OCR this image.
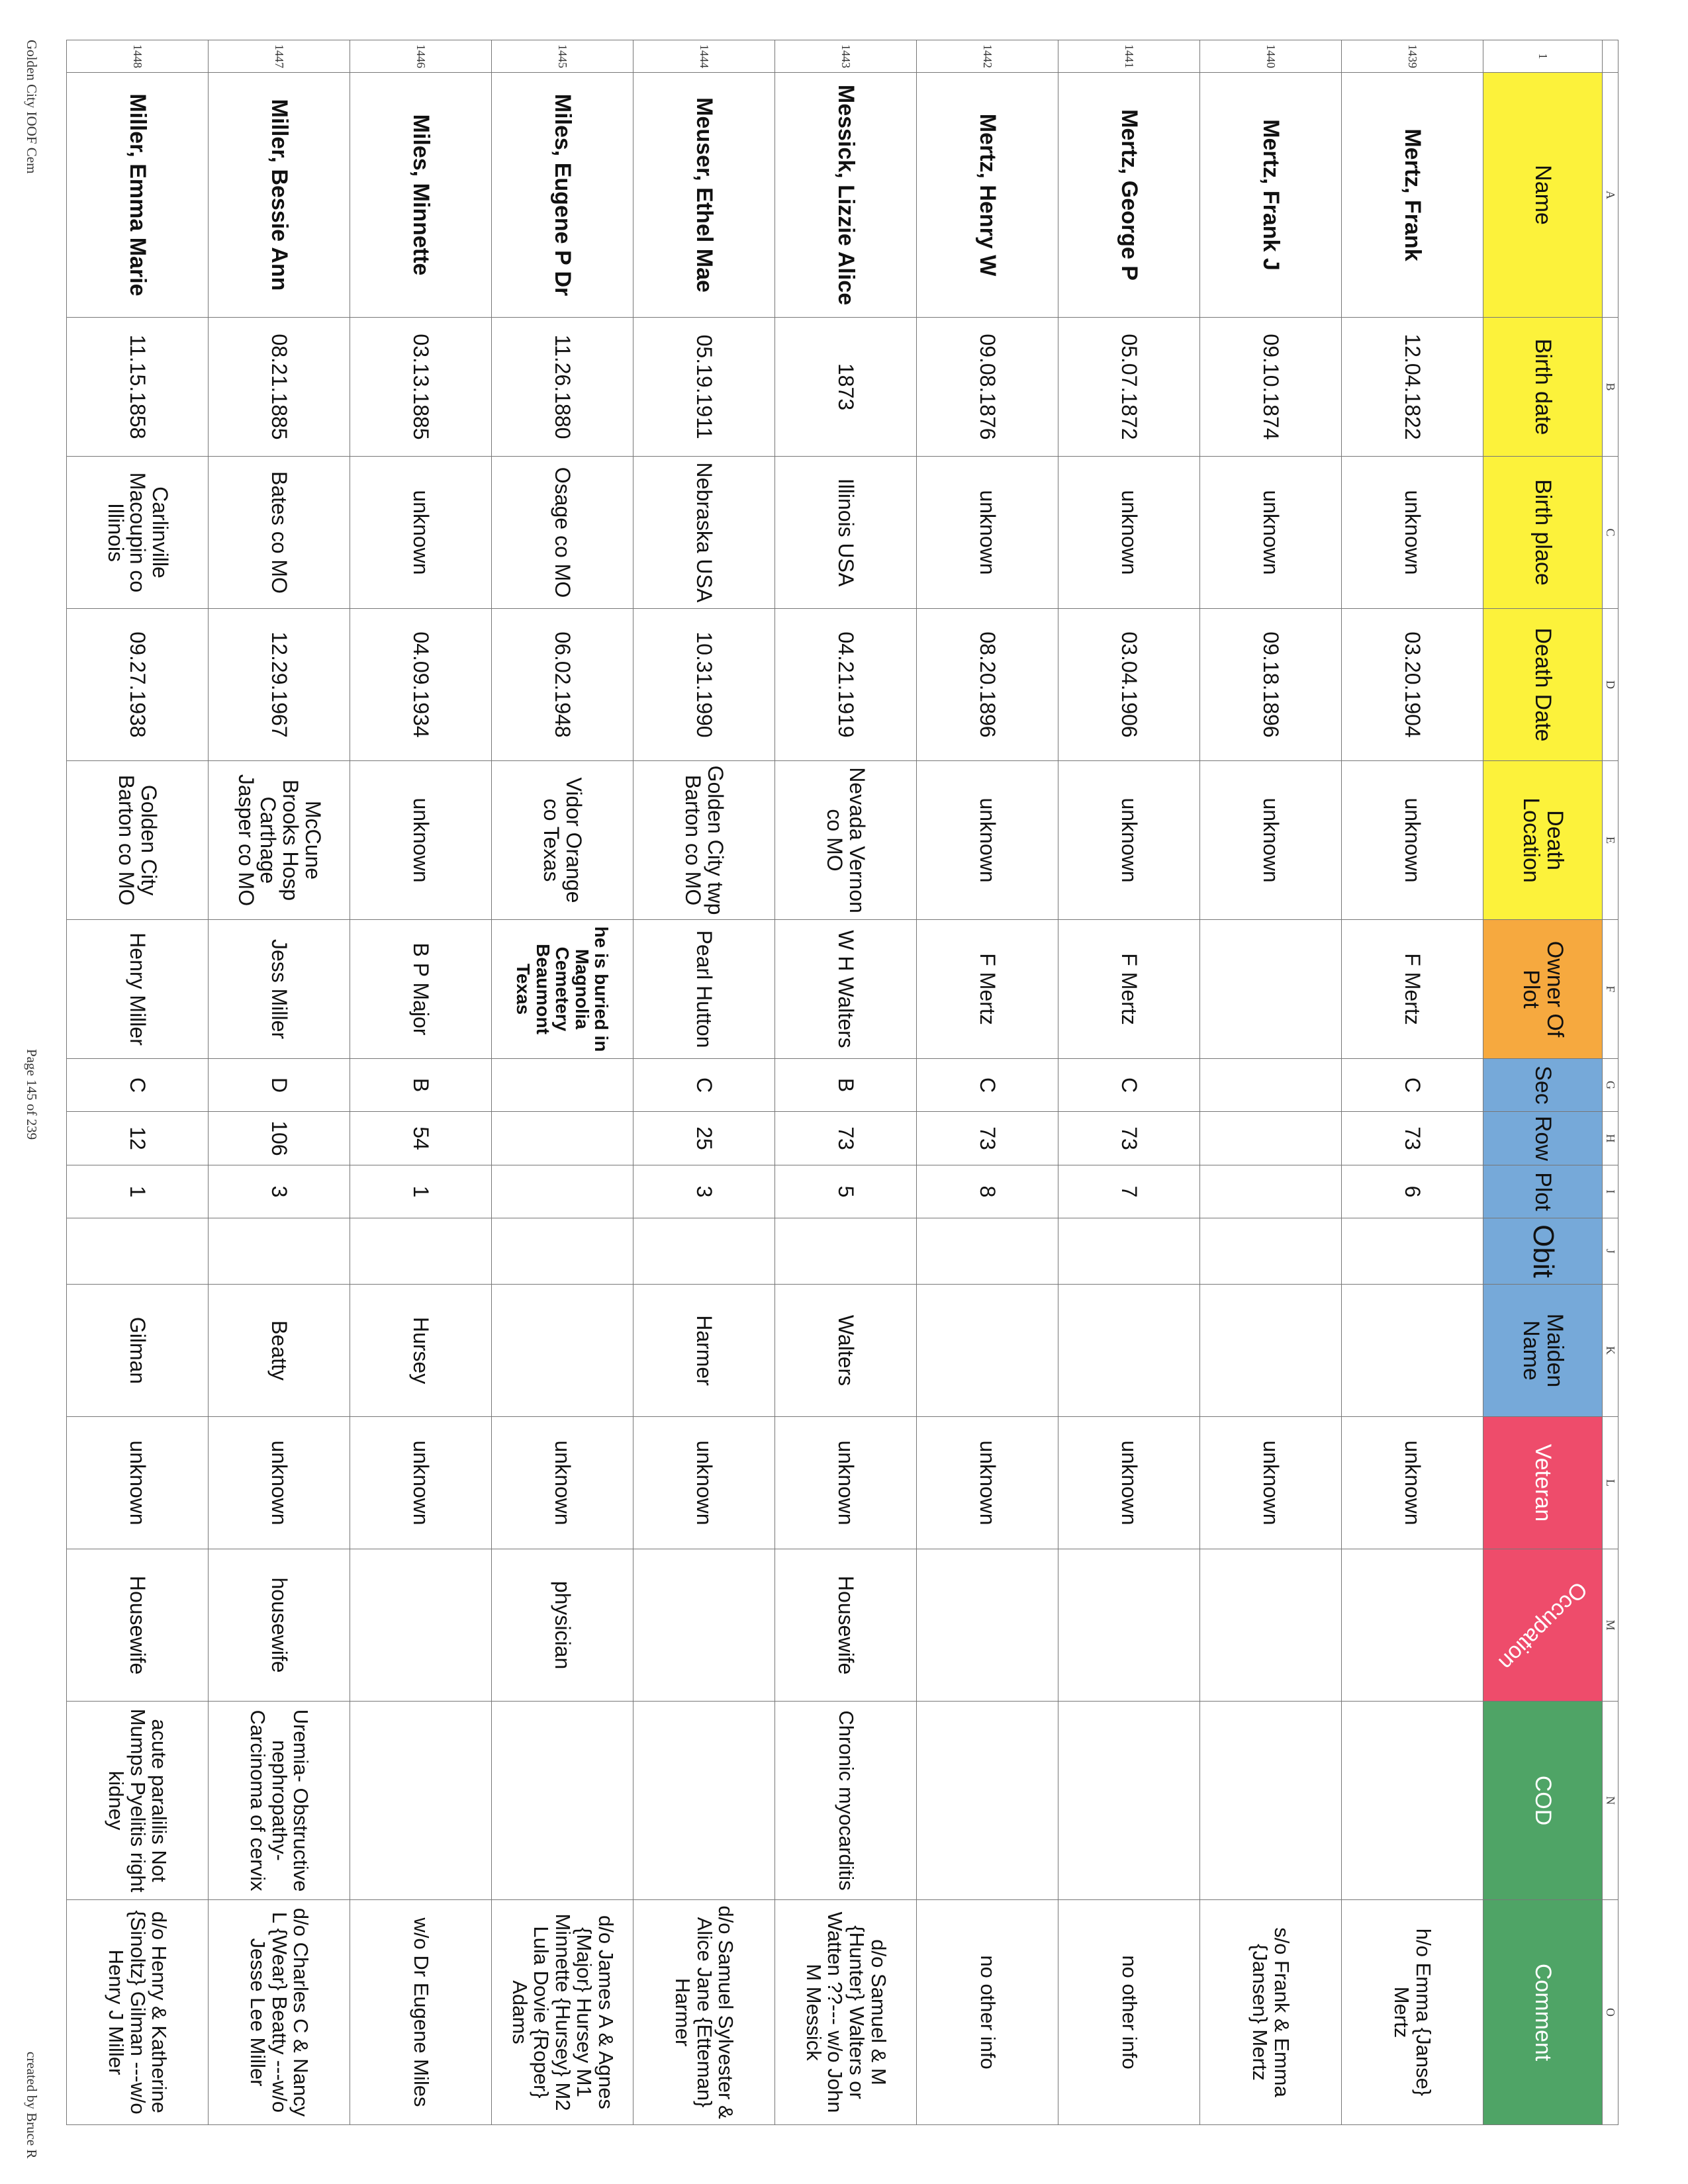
	A	B	C	D	E	F	G	H	I	J	K	L	M	N	O
1	Name	Birth date	Birth place	Death Date	Death Location	Owner Of Plot	Sec	Row	Plot	Obit	Maiden Name	Veteran	Occupation	COD	Comment
1439	Mertz, Frank	12.04.1822	unknown	03.20.1904	unknown	F Mertz	C	73	6			unknown			h/o Emma {Janse} Mertz
1440	Mertz, Frank J	09.10.1874	unknown	09.18.1896	unknown							unknown			s/o Frank & Emma {Jansen} Mertz
1441	Mertz, George P	05.07.1872	unknown	03.04.1906	unknown	F Mertz	C	73	7			unknown			no other info
1442	Mertz, Henry W	09.08.1876	unknown	08.20.1896	unknown	F Mertz	C	73	8			unknown			no other info
1443	Messick, Lizzie Alice	1873	Illinois USA	04.21.1919	Nevada Vernon co MO	W H Walters	B	73	5		Walters	unknown	Housewife	Chronic myocarditis	d/o Samuel & M {Hunter} Walters or Watten ??--- w/o John M Messick
1444	Meuser, Ethel Mae	05.19.1911	Nebraska USA	10.31.1990	Golden City twp Barton co MO	Pearl Hutton	C	25	3		Harmer	unknown			d/o Samuel Sylvester & Alice Jane {Etteman} Harmer
1445	Miles, Eugene P Dr	11.26.1880	Osage co MO	06.02.1948	Vidor Orange co Texas	he is buried in Magnolia Cemetery Beaumont Texas						unknown	physician		d/o James A & Agnes {Major} Hursey M1 Minnette {Hursey} M2 Lula Dovie {Roper} Adams
1446	Miles, Minnette	03.13.1885	unknown	04.09.1934	unknown	B P Major	B	54	1		Hursey	unknown			w/o Dr Eugene Miles
1447	Miller, Bessie Ann	08.21.1885	Bates co MO	12.29.1967	McCune Brooks Hosp Carthage Jasper co MO	Jess Miller	D	106	3		Beatty	unknown	housewife	Uremia- Obstructive nephropathy- Carcinoma of cervix	d/o Charles C & Nancy L {Wear} Beatty ---w/o Jesse Lee Miller
1448	Miller, Emma Marie	11.15.1858	Carlinville Macoupin co Illinois	09.27.1938	Golden City Barton co MO	Henry Miller	C	12	1		Gilman	unknown	Housewife	acute paralilis Not Mumps Pyelitis right kidney	d/o Henry & Katherine {Sinoltz} Gilman ---w/o Henry J Miller
Golden City IOOF Cem
Page 145 of 239
created by Bruce R
